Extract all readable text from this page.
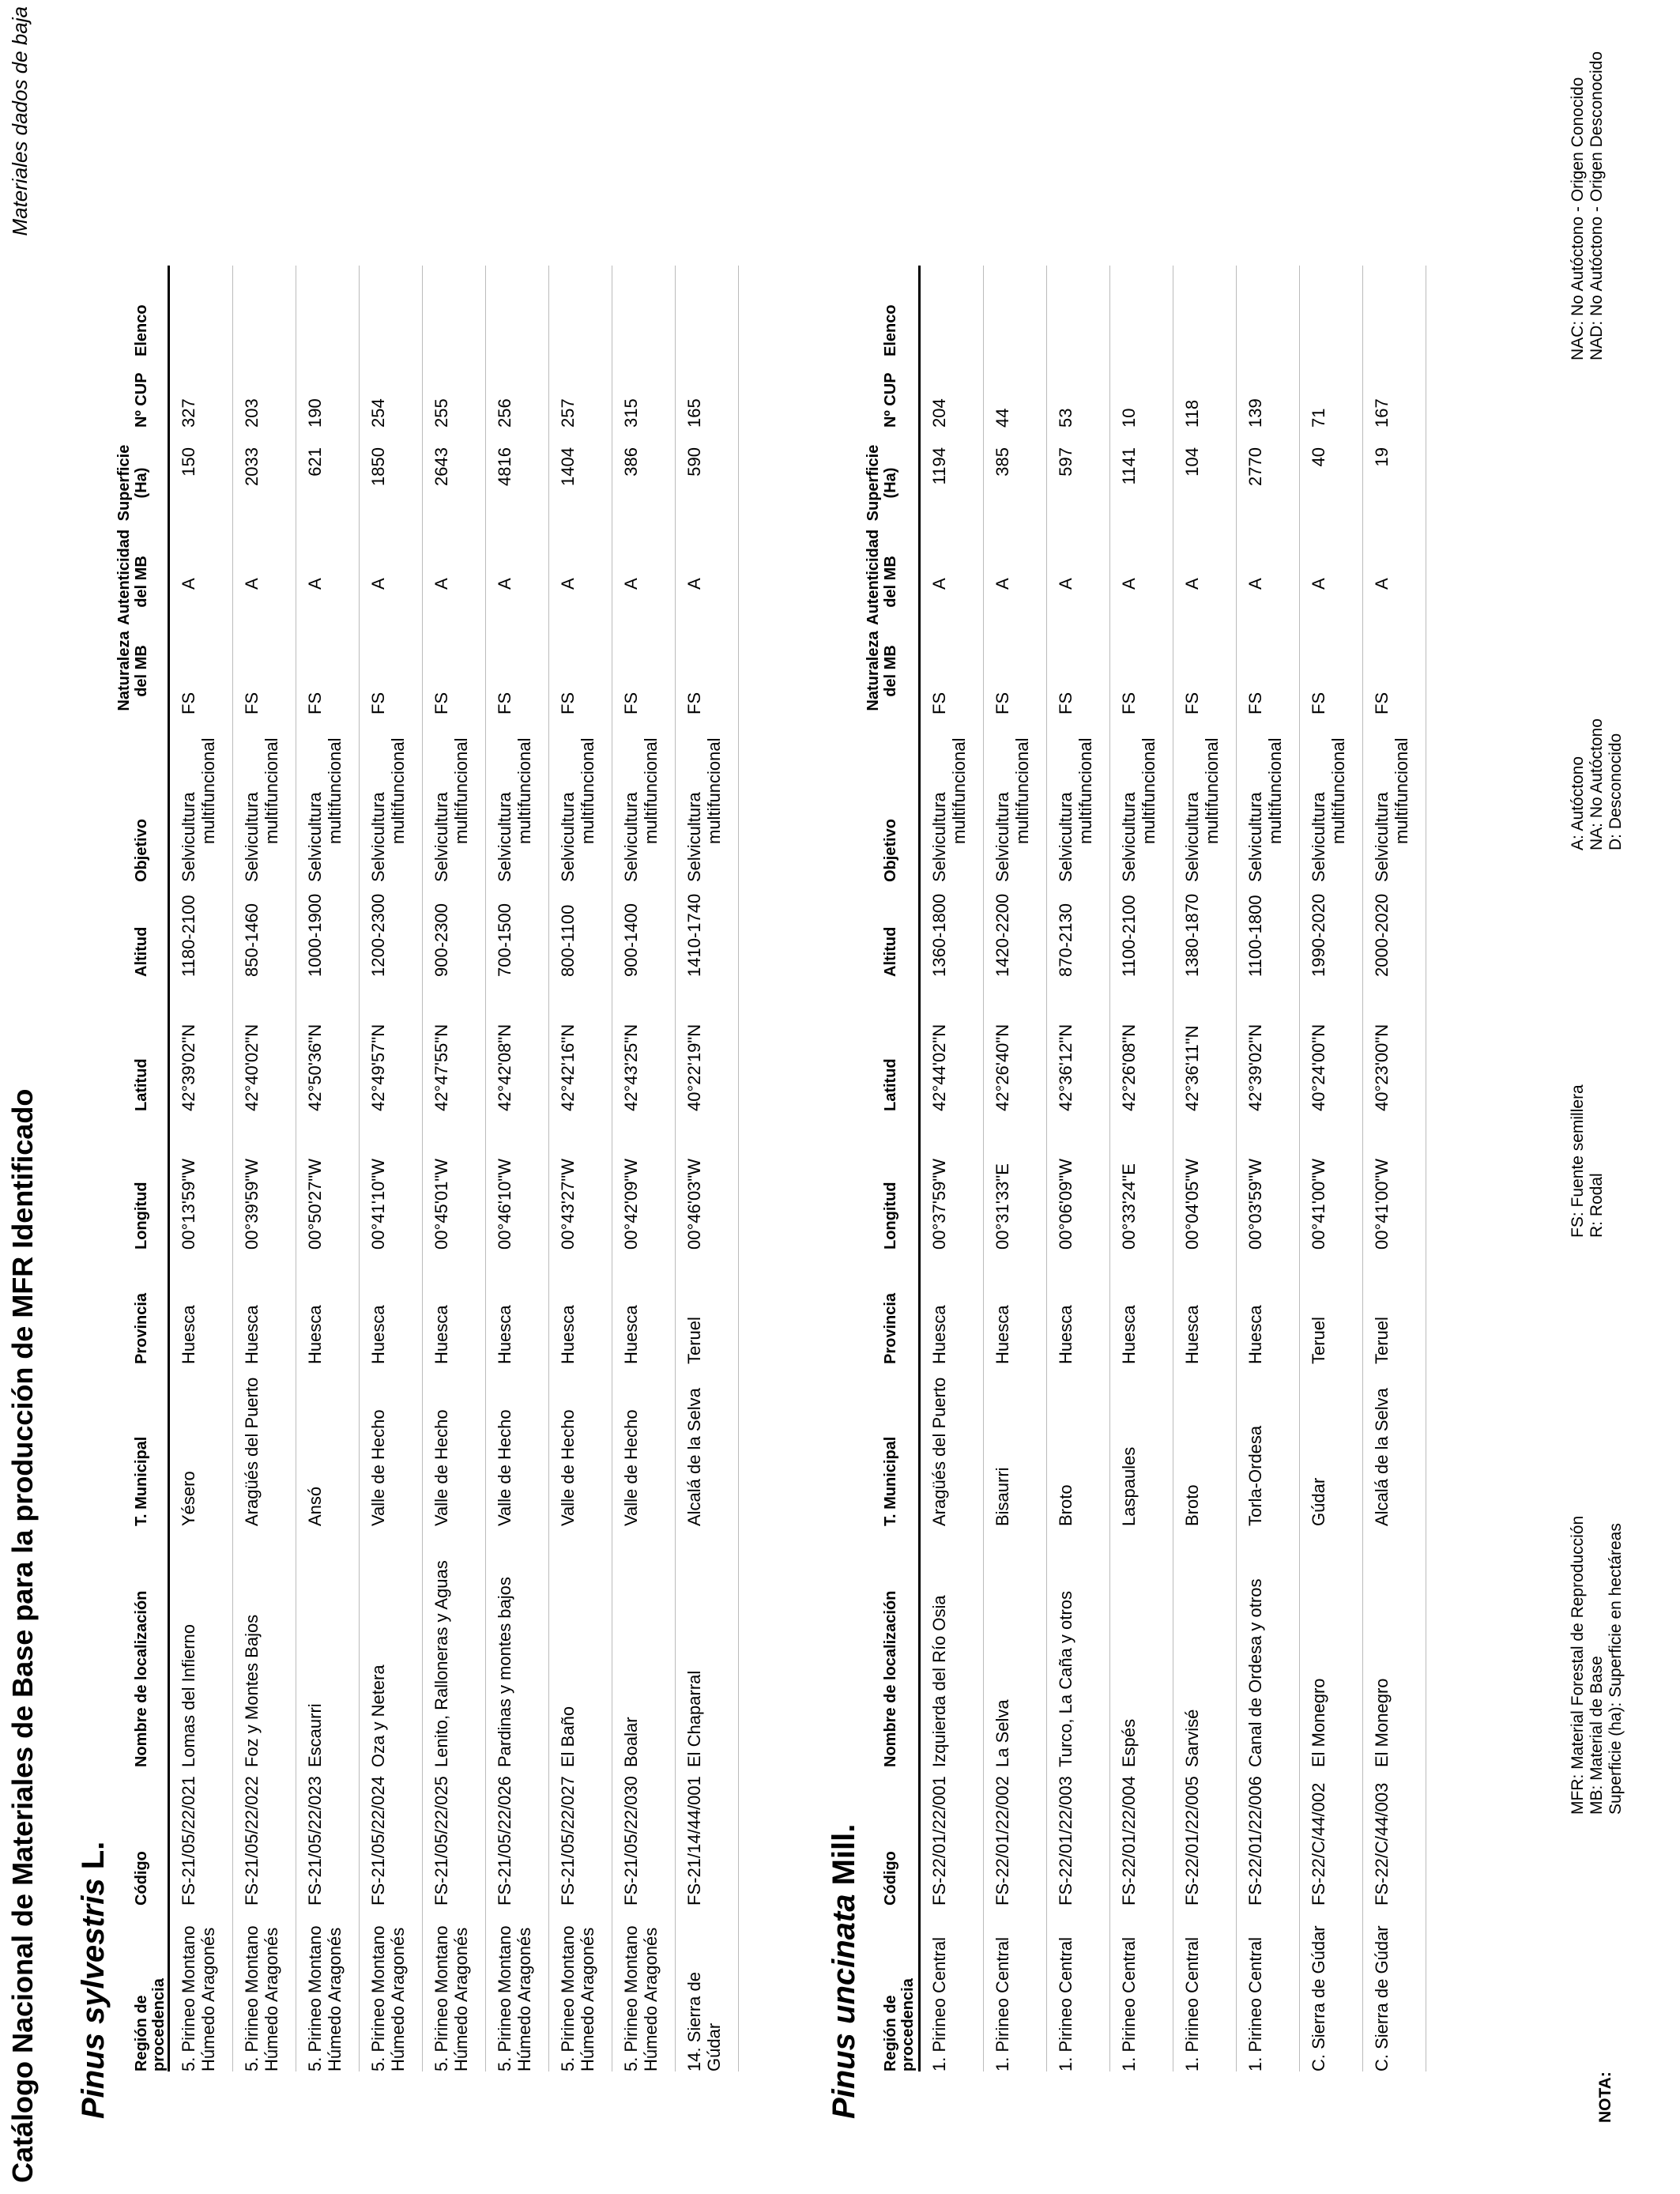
Catálogo Nacional de Materiales de Base para la producción de MFR Identificado
Materiales dados de baja
Pinus sylvestris L.
Región de procedencia
Código
Nombre de localización
T. Municipal
Provincia
Longitud
Latitud
Altitud
Objetivo
Naturaleza del MB
Autenticidad del MB
Superficie (Ha)
Nº CUP
Elenco
5. Pirineo Montano Húmedo Aragonés
FS-21/05/22/021
Lomas del Infierno
Yésero
Huesca
00°13'59"W
42°39'02"N
1180-2100
Selvicultura multifuncional
FS
A
150
327
5. Pirineo Montano Húmedo Aragonés
FS-21/05/22/022
Foz y Montes Bajos
Aragüés del Puerto
Huesca
00°39'59"W
42°40'02"N
850-1460
Selvicultura multifuncional
FS
A
2033
203
5. Pirineo Montano Húmedo Aragonés
FS-21/05/22/023
Escaurri
Ansó
Huesca
00°50'27"W
42°50'36"N
1000-1900
Selvicultura multifuncional
FS
A
621
190
5. Pirineo Montano Húmedo Aragonés
FS-21/05/22/024
Oza y Netera
Valle de Hecho
Huesca
00°41'10"W
42°49'57"N
1200-2300
Selvicultura multifuncional
FS
A
1850
254
5. Pirineo Montano Húmedo Aragonés
FS-21/05/22/025
Lenito, Ralloneras y Aguas
Valle de Hecho
Huesca
00°45'01"W
42°47'55"N
900-2300
Selvicultura multifuncional
FS
A
2643
255
5. Pirineo Montano Húmedo Aragonés
FS-21/05/22/026
Pardinas y montes bajos
Valle de Hecho
Huesca
00°46'10"W
42°42'08"N
700-1500
Selvicultura multifuncional
FS
A
4816
256
5. Pirineo Montano Húmedo Aragonés
FS-21/05/22/027
El Baño
Valle de Hecho
Huesca
00°43'27"W
42°42'16"N
800-1100
Selvicultura multifuncional
FS
A
1404
257
5. Pirineo Montano Húmedo Aragonés
FS-21/05/22/030
Boalar
Valle de Hecho
Huesca
00°42'09"W
42°43'25"N
900-1400
Selvicultura multifuncional
FS
A
386
315
14. Sierra de Gúdar
FS-21/14/44/001
El Chaparral
Alcalá de la Selva
Teruel
00°46'03"W
40°22'19"N
1410-1740
Selvicultura multifuncional
FS
A
590
165
Pinus uncinata Mill.
Región de procedencia
Código
Nombre de localización
T. Municipal
Provincia
Longitud
Latitud
Altitud
Objetivo
Naturaleza del MB
Autenticidad del MB
Superficie (Ha)
Nº CUP
Elenco
1. Pirineo Central
FS-22/01/22/001
Izquierda del Río Osia
Aragüés del Puerto
Huesca
00°37'59"W
42°44'02"N
1360-1800
Selvicultura multifuncional
FS
A
1194
204
1. Pirineo Central
FS-22/01/22/002
La Selva
Bisaurri
Huesca
00°31'33"E
42°26'40"N
1420-2200
Selvicultura multifuncional
FS
A
385
44
1. Pirineo Central
FS-22/01/22/003
Turco, La Caña y otros
Broto
Huesca
00°06'09"W
42°36'12"N
870-2130
Selvicultura multifuncional
FS
A
597
53
1. Pirineo Central
FS-22/01/22/004
Espés
Laspaules
Huesca
00°33'24"E
42°26'08"N
1100-2100
Selvicultura multifuncional
FS
A
1141
10
1. Pirineo Central
FS-22/01/22/005
Sarvisé
Broto
Huesca
00°04'05"W
42°36'11"N
1380-1870
Selvicultura multifuncional
FS
A
104
118
1. Pirineo Central
FS-22/01/22/006
Canal de Ordesa y otros
Torla-Ordesa
Huesca
00°03'59"W
42°39'02"N
1100-1800
Selvicultura multifuncional
FS
A
2770
139
C. Sierra de Gúdar
FS-22/C/44/002
El Monegro
Gúdar
Teruel
00°41'00"W
40°24'00"N
1990-2020
Selvicultura multifuncional
FS
A
40
71
C. Sierra de Gúdar
FS-22/C/44/003
El Monegro
Alcalá de la Selva
Teruel
00°41'00"W
40°23'00"N
2000-2020
Selvicultura multifuncional
FS
A
19
167
NOTA:
MFR: Material Forestal de Reproducción MB: Material de Base Superficie (ha): Superficie en hectáreas
FS: Fuente semillera R: Rodal
A: Autóctono NA: No Autóctono D: Desconocido
NAC: No Autóctono - Origen Conocido NAD: No Autóctono - Origen Desconocido
